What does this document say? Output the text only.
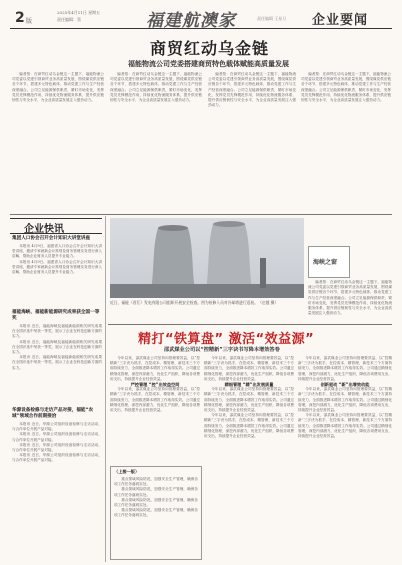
2 版
2025年4月11日 星期五
责任编辑：蔡	福建航澳家	责任编辑 王星旦 企业要闻
商贸红动乌金链
福能物流公司党委搭建商贸特色载体赋能高质量发展

编者按：在商贸红动乌金链这一主题下，福能物流公司党委以党建引领商贸业务高质量发展，围绕煤炭供应链各个环节，搭建多元特色载体，推动党建工作与生产经营深度融合。公司立足能源保供职责，紧盯市场变化，发挥党员先锋模范作用，持续优化物流服务体系，提升供应链韧性与安全水平，为企业高质量发展注入强劲动力。

编者按：在商贸红动乌金链这一主题下，福能物流公司党委以党建引领商贸业务高质量发展，围绕煤炭供应链各个环节，搭建多元特色载体，推动党建工作与生产经营深度融合。公司立足能源保供职责，紧盯市场变化，发挥党员先锋模范作用，持续优化物流服务体系，提升供应链韧性与安全水平，为企业高质量发展注入强劲动力。

编者按：在商贸红动乌金链这一主题下，福能物流公司党委以党建引领商贸业务高质量发展，围绕煤炭供应链各个环节，搭建多元特色载体，推动党建工作与生产经营深度融合。公司立足能源保供职责，紧盯市场变化，发挥党员先锋模范作用，持续优化物流服务体系，提升供应链韧性与安全水平，为企业高质量发展注入强劲动力。

编者按：在商贸红动乌金链这一主题下，福能物流公司党委以党建引领商贸业务高质量发展，围绕煤炭供应链各个环节，搭建多元特色载体，推动党建工作与生产经营深度融合。公司立足能源保供职责，紧盯市场变化，发挥党员先锋模范作用，持续优化物流服务体系，提升供应链韧性与安全水平，为企业高质量发展注入强劲动力。

企业快讯
集团人口协会召开会计知识大讲堂讲座

本报讯 4月9日，福建省人口协会召开会计知识大讲堂讲座，邀请专家就新会计准则及财务管理实务进行深入讲解，帮助企业财务人员提升专业能力。

本报讯 4月9日，福建省人口协会召开会计知识大讲堂讲座，邀请专家就新会计准则及财务管理实务进行深入讲解，帮助企业财务人员提升专业能力。

福能海峡、福能新能源研究成果获全国一等奖

本报讯 近日，福能海峡及福能新能源相关研究成果在全国评选中荣获一等奖，展示了企业在科技创新方面的实力。

本报讯 近日，福能海峡及福能新能源相关研究成果在全国评选中荣获一等奖，展示了企业在科技创新方面的实力。

本报讯 近日，福能海峡及福能新能源相关研究成果在全国评选中荣获一等奖，展示了企业在科技创新方面的实力。

华源设备检修与走访产品对接，福能“农城”领域合作前期接洽

本报讯 近日，华源公司组织设备检修与走访活动，与合作单位开展产品对接。

本报讯 近日，华源公司组织设备检修与走访活动，与合作单位开展产品对接。

本报讯 近日，华源公司组织设备检修与走访活动，与合作单位开展产品对接。

本报讯 近日，华源公司组织设备检修与走访活动，与合作单位开展产品对接。

近日，福能（晋江）发电有限公司组织开展安全检查。图为检修人员对冷却塔进行巡检。（庄越 摄）
海峡之窗

编者按：在商贸红动乌金链这一主题下，福能物流公司党委以党建引领商贸业务高质量发展，围绕煤炭供应链各个环节，搭建多元特色载体，推动党建工作与生产经营深度融合。公司立足能源保供职责，紧盯市场变化，发挥党员先锋模范作用，持续优化物流服务体系，提升供应链韧性与安全水平，为企业高质量发展注入强劲动力。

精打“铁算盘” 激活“效益源”
邵武煤业公司以“控精新”三字诀书写降本增效答卷

今年以来，邵武煤业公司坚持向管理要效益，以“控精新”三字诀为抓手，在控成本、精管理、新技术三个方面持续发力，全面推进降本增效工作取得实效。公司通过精细化管理，深挖内部潜力，优化生产组织，降低各项费用支出，持续提升企业经营效益。

严控管理 “控”出效益空间

今年以来，邵武煤业公司坚持向管理要效益，以“控精新”三字诀为抓手，在控成本、精管理、新技术三个方面持续发力，全面推进降本增效工作取得实效。公司通过精细化管理，深挖内部潜力，优化生产组织，降低各项费用支出，持续提升企业经营效益。

今年以来，邵武煤业公司坚持向管理要效益，以“控精新”三字诀为抓手，在控成本、精管理、新技术三个方面持续发力，全面推进降本增效工作取得实效。公司通过精细化管理，深挖内部潜力，优化生产组织，降低各项费用支出，持续提升企业经营效益。

精细管理 “精”出发展质量

今年以来，邵武煤业公司坚持向管理要效益，以“控精新”三字诀为抓手，在控成本、精管理、新技术三个方面持续发力，全面推进降本增效工作取得实效。公司通过精细化管理，深挖内部潜力，优化生产组织，降低各项费用支出，持续提升企业经营效益。

今年以来，邵武煤业公司坚持向管理要效益，以“控精新”三字诀为抓手，在控成本、精管理、新技术三个方面持续发力，全面推进降本增效工作取得实效。公司通过精细化管理，深挖内部潜力，优化生产组织，降低各项费用支出，持续提升企业经营效益。

今年以来，邵武煤业公司坚持向管理要效益，以“控精新”三字诀为抓手，在控成本、精管理、新技术三个方面持续发力，全面推进降本增效工作取得实效。公司通过精细化管理，深挖内部潜力，优化生产组织，降低各项费用支出，持续提升企业经营效益。

创新驱动 “新”出增效动能

今年以来，邵武煤业公司坚持向管理要效益，以“控精新”三字诀为抓手，在控成本、精管理、新技术三个方面持续发力，全面推进降本增效工作取得实效。公司通过精细化管理，深挖内部潜力，优化生产组织，降低各项费用支出，持续提升企业经营效益。

今年以来，邵武煤业公司坚持向管理要效益，以“控精新”三字诀为抓手，在控成本、精管理、新技术三个方面持续发力，全面推进降本增效工作取得实效。公司通过精细化管理，深挖内部潜力，优化生产组织，降低各项费用支出，持续提升企业经营效益。

（上接一版）

重点领域风险防范，加强安全生产管理，确保各项工作任务落到实处。

重点领域风险防范，加强安全生产管理，确保各项工作任务落到实处。

重点领域风险防范，加强安全生产管理，确保各项工作任务落到实处。

重点领域风险防范，加强安全生产管理，确保各项工作任务落到实处。
